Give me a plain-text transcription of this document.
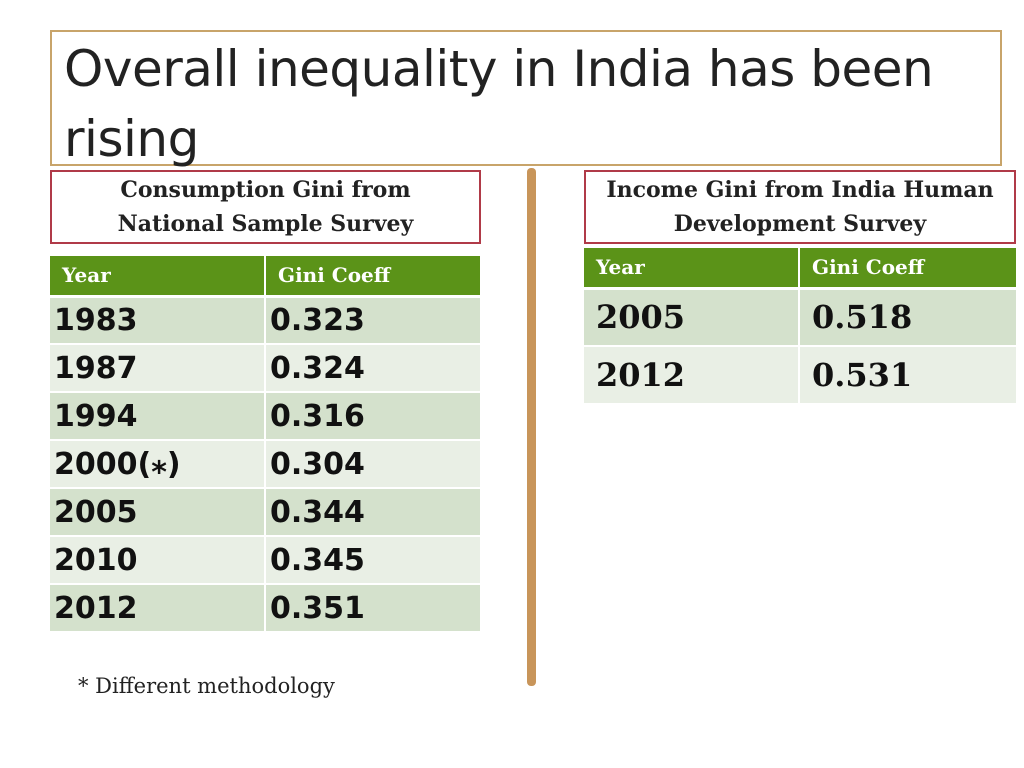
Overall inequality in India has been rising
Consumption Gini from
National Sample Survey
Income Gini from India Human
Development Survey
Year	Gini Coeff
1983	0.323
1987	0.324
1994	0.316
2000(⁎)	0.304
2005	0.344
2010	0.345
2012	0.351
Year	Gini Coeff
2005	0.518
2012	0.531
* Different methodology
